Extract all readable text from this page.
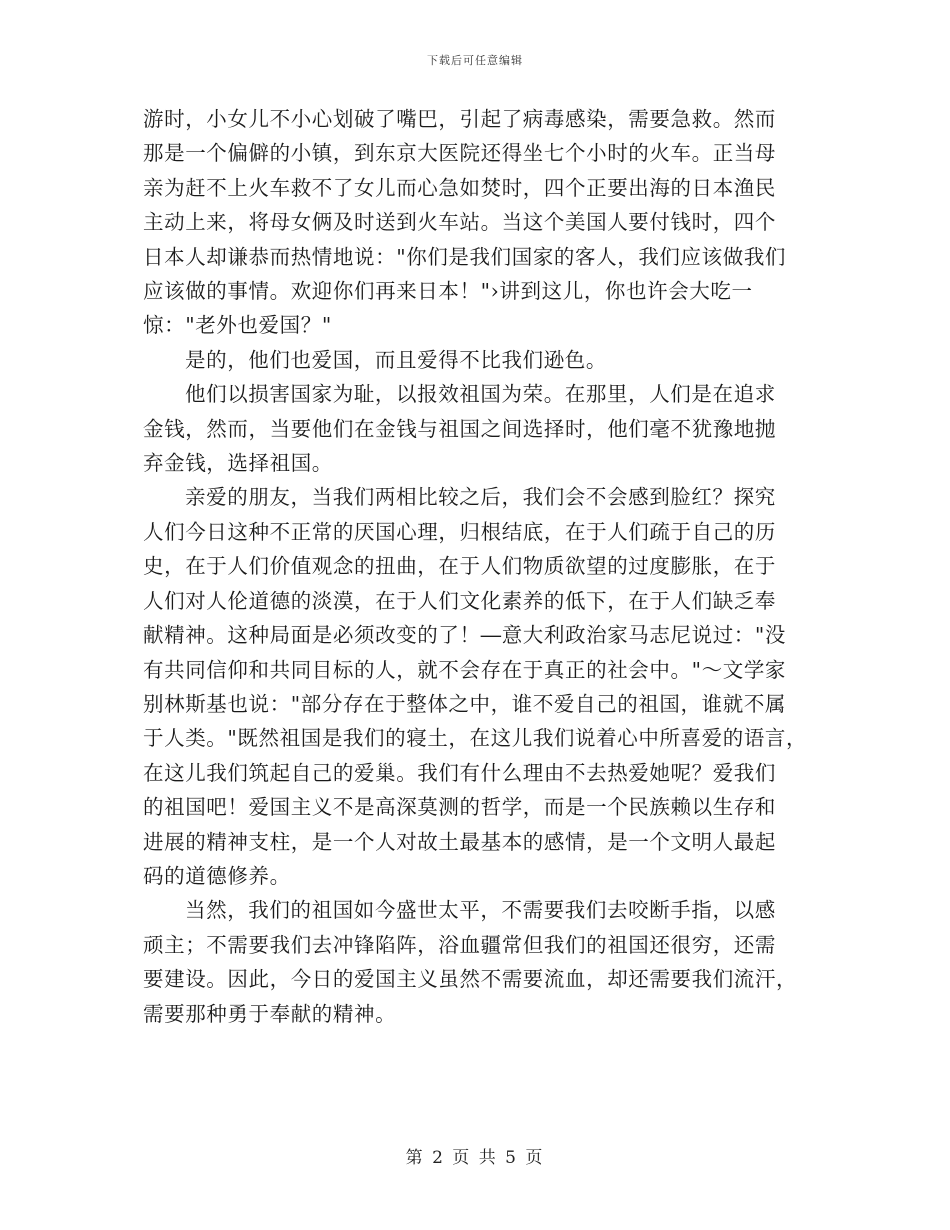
下载后可任意编辑

游时，小女儿不小心划破了嘴巴，引起了病毒感染，需要急救。然而
那是一个偏僻的小镇，到东京大医院还得坐七个小时的火车。正当母
亲为赶不上火车救不了女儿而心急如焚时，四个正要出海的日本渔民
主动上来，将母女俩及时送到火车站。当这个美国人要付钱时，四个
日本人却谦恭而热情地说："你们是我们国家的客人，我们应该做我们
应该做的事情。欢迎你们再来日本！"›讲到这儿，你也许会大吃一
惊："老外也爱国？"

是的，他们也爱国，而且爱得不比我们逊色。

他们以损害国家为耻，以报效祖国为荣。在那里，人们是在追求
金钱，然而，当要他们在金钱与祖国之间选择时，他们毫不犹豫地抛
弃金钱，选择祖国。

亲爱的朋友，当我们两相比较之后，我们会不会感到脸红？探究
人们今日这种不正常的厌国心理，归根结底，在于人们疏于自己的历
史，在于人们价值观念的扭曲，在于人们物质欲望的过度膨胀，在于
人们对人伦道德的淡漠，在于人们文化素养的低下，在于人们缺乏奉
献精神。这种局面是必须改变的了！―意大利政治家马志尼说过："没
有共同信仰和共同目标的人，就不会存在于真正的社会中。"～文学家
别林斯基也说："部分存在于整体之中，谁不爱自己的祖国，谁就不属
于人类。"既然祖国是我们的寝土，在这儿我们说着心中所喜爱的语言，
在这儿我们筑起自己的爱巢。我们有什么理由不去热爱她呢？爱我们
的祖国吧！爱国主义不是高深莫测的哲学，而是一个民族赖以生存和
进展的精神支柱，是一个人对故土最基本的感情，是一个文明人最起
码的道德修养。

当然，我们的祖国如今盛世太平，不需要我们去咬断手指，以感
顽主；不需要我们去冲锋陷阵，浴血疆常但我们的祖国还很穷，还需
要建设。因此，今日的爱国主义虽然不需要流血，却还需要我们流汗，
需要那种勇于奉献的精神。

第 2 页 共 5 页
